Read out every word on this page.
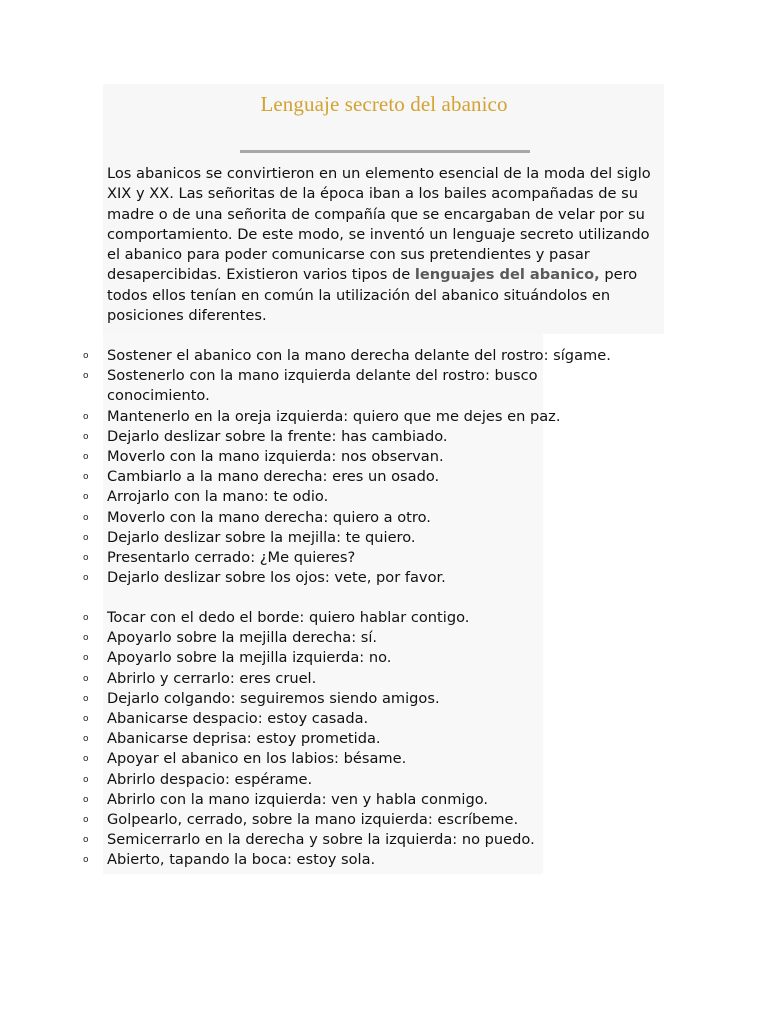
Lenguaje secreto del abanico

Los abanicos se convirtieron en un elemento esencial de la moda del siglo XIX y XX. Las señoritas de la época iban a los bailes acompañadas de su madre o de una señorita de compañía que se encargaban de velar por su comportamiento. De este modo, se inventó un lenguaje secreto utilizando el abanico para poder comunicarse con sus pretendientes y pasar desapercibidas. Existieron varios tipos de lenguajes del abanico, pero todos ellos tenían en común la utilización del abanico situándolos en posiciones diferentes.

o Sostener el abanico con la mano derecha delante del rostro: sígame.
o Sostenerlo con la mano izquierda delante del rostro: busco conocimiento.
o Mantenerlo en la oreja izquierda: quiero que me dejes en paz.
o Dejarlo deslizar sobre la frente: has cambiado.
o Moverlo con la mano izquierda: nos observan.
o Cambiarlo a la mano derecha: eres un osado.
o Arrojarlo con la mano: te odio.
o Moverlo con la mano derecha: quiero a otro.
o Dejarlo deslizar sobre la mejilla: te quiero.
o Presentarlo cerrado: ¿Me quieres?
o Dejarlo deslizar sobre los ojos: vete, por favor.
o Tocar con el dedo el borde: quiero hablar contigo.
o Apoyarlo sobre la mejilla derecha: sí.
o Apoyarlo sobre la mejilla izquierda: no.
o Abrirlo y cerrarlo: eres cruel.
o Dejarlo colgando: seguiremos siendo amigos.
o Abanicarse despacio: estoy casada.
o Abanicarse deprisa: estoy prometida.
o Apoyar el abanico en los labios: bésame.
o Abrirlo despacio: espérame.
o Abrirlo con la mano izquierda: ven y habla conmigo.
o Golpearlo, cerrado, sobre la mano izquierda: escríbeme.
o Semicerrarlo en la derecha y sobre la izquierda: no puedo.
o Abierto, tapando la boca: estoy sola.
